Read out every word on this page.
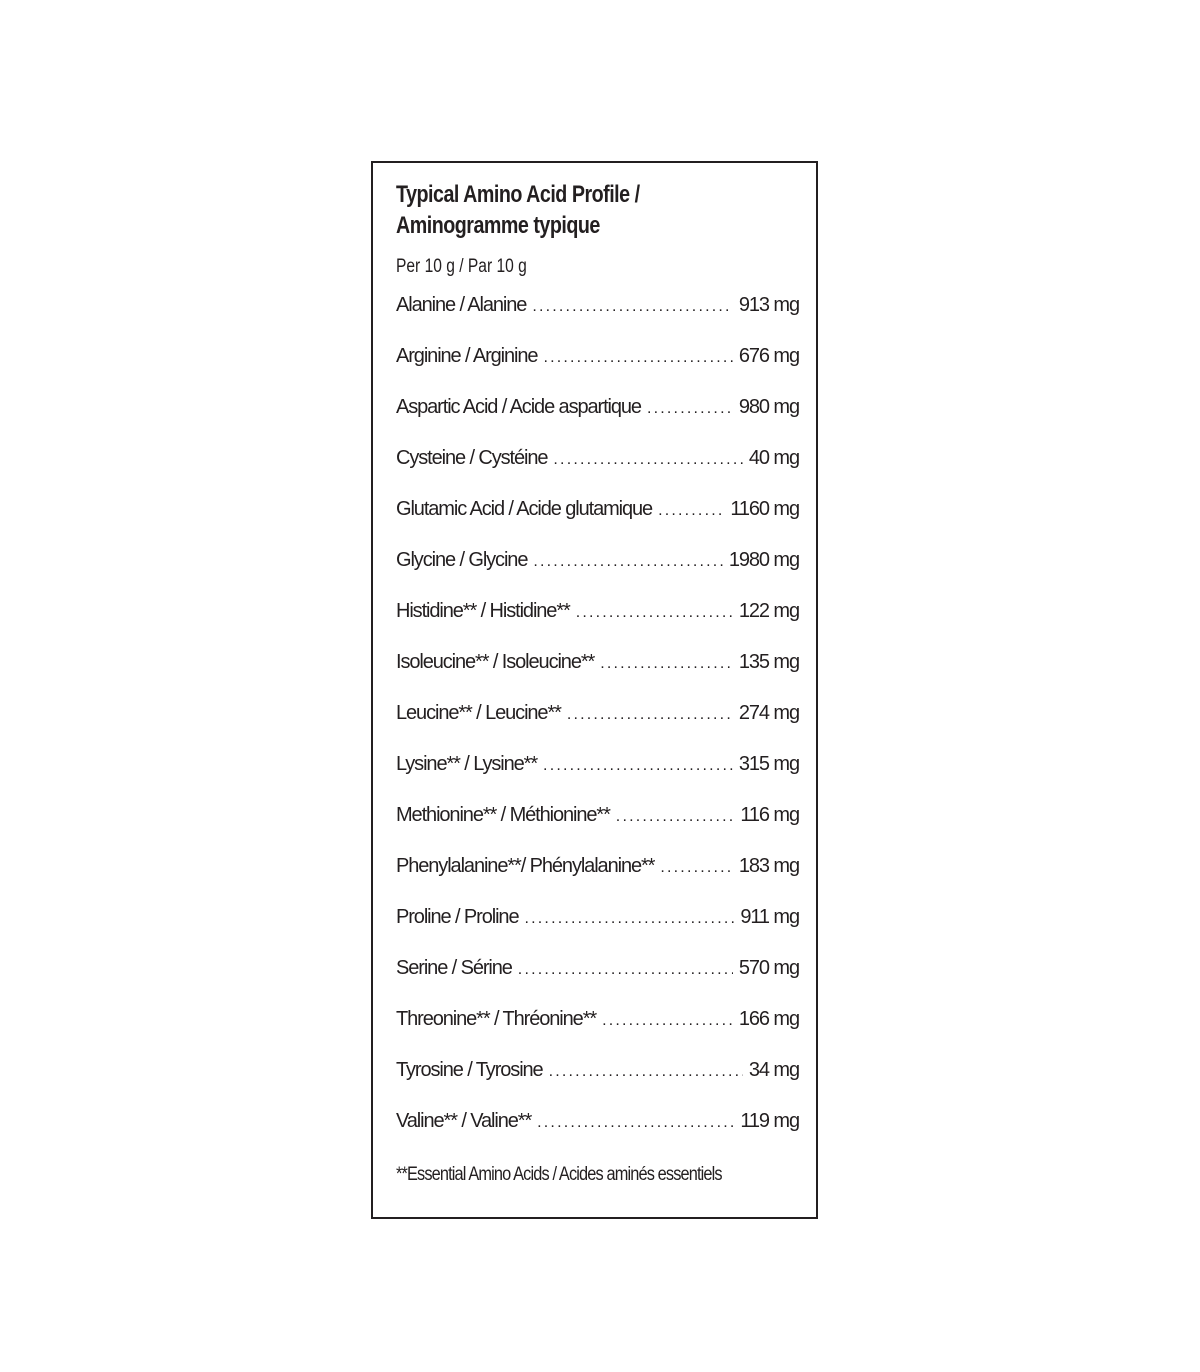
Typical Amino Acid Profile /
Aminogramme typique
Per 10 g / Par 10 g
Alanine / Alanine .....	913 mg
Arginine / Arginine .....	676 mg
Aspartic Acid / Acide aspartique .....	980 mg
Cysteine / Cystéine .....	40 mg
Glutamic Acid / Acide glutamique .....	1160 mg
Glycine / Glycine .....	1980 mg
Histidine** / Histidine** .....	122 mg
Isoleucine** / Isoleucine** .....	135 mg
Leucine** / Leucine** .....	274 mg
Lysine** / Lysine** .....	315 mg
Methionine** / Méthionine** .....	116 mg
Phenylalanine**/ Phénylalanine** .....	183 mg
Proline / Proline .....	911 mg
Serine / Sérine .....	570 mg
Threonine** / Thréonine** .....	166 mg
Tyrosine / Tyrosine .....	34 mg
Valine** / Valine** .....	119 mg
**Essential Amino Acids / Acides aminés essentiels
